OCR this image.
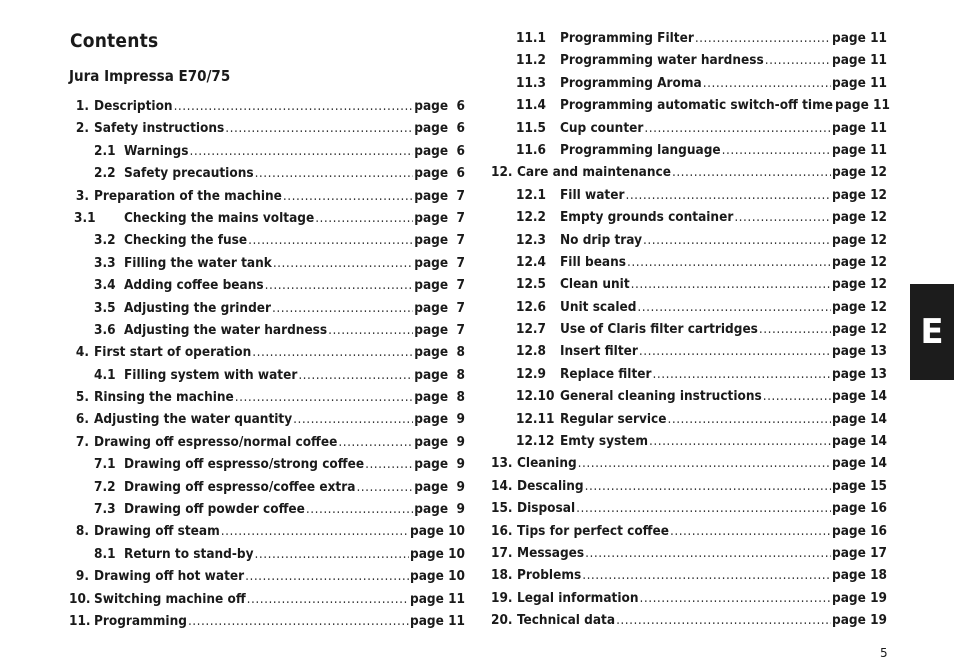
Contents
Jura Impressa E70/75
1. Description .....	page  6
2. Safety instructions .....	page  6
2.1 Warnings .....	page  6
2.2 Safety precautions .....	page  6
3. Preparation of the machine .....	page  7
3.1	Checking the mains voltage .....	page  7
3.2 Checking the fuse .....	page  7
3.3 Filling the water tank .....	page  7
3.4 Adding coffee beans .....	page  7
3.5 Adjusting the grinder .....	page  7
3.6 Adjusting the water hardness .....	page  7
4. First start of operation .....	page  8
4.1 Filling system with water .....	page  8
5. Rinsing the machine .....	page  8
6. Adjusting the water quantity .....	page  9
7. Drawing off espresso/normal coffee .....	page  9
7.1 Drawing off espresso/strong coffee .....	page  9
7.2 Drawing off espresso/coffee extra .....	page  9
7.3 Drawing off powder coffee .....	page  9
8. Drawing off steam .....	page 10
8.1 Return to stand-by .....	page 10
9. Drawing off hot water .....	page 10
10. Switching machine off .....	page 11
11. Programming .....	page 11
11.1	Programming Filter .....	page 11
11.2	Programming water hardness .....	page 11
11.3	Programming Aroma .....	page 11
11.4	Programming automatic switch-off time page 11
11.5	Cup counter .....	page 11
11.6	Programming language .....	page 11
12. Care and maintenance .....	page 12
12.1	Fill water .....	page 12
12.2	Empty grounds container .....	page 12
12.3	No drip tray .....	page 12
12.4	Fill beans .....	page 12
12.5	Clean unit .....	page 12
12.6	Unit scaled .....	page 12
12.7	Use of Claris filter cartridges .....	page 12
12.8	Insert filter .....	page 13
12.9	Replace filter .....	page 13
12.10 General cleaning instructions .....	page 14
12.11 Regular service .....	page 14
12.12 Emty system .....	page 14
13. Cleaning .....	page 14
14. Descaling .....	page 15
15. Disposal .....	page 16
16. Tips for perfect coffee .....	page 16
17. Messages .....	page 17
18. Problems .....	page 18
19. Legal information .....	page 19
20. Technical data .....	page 19
E
5
